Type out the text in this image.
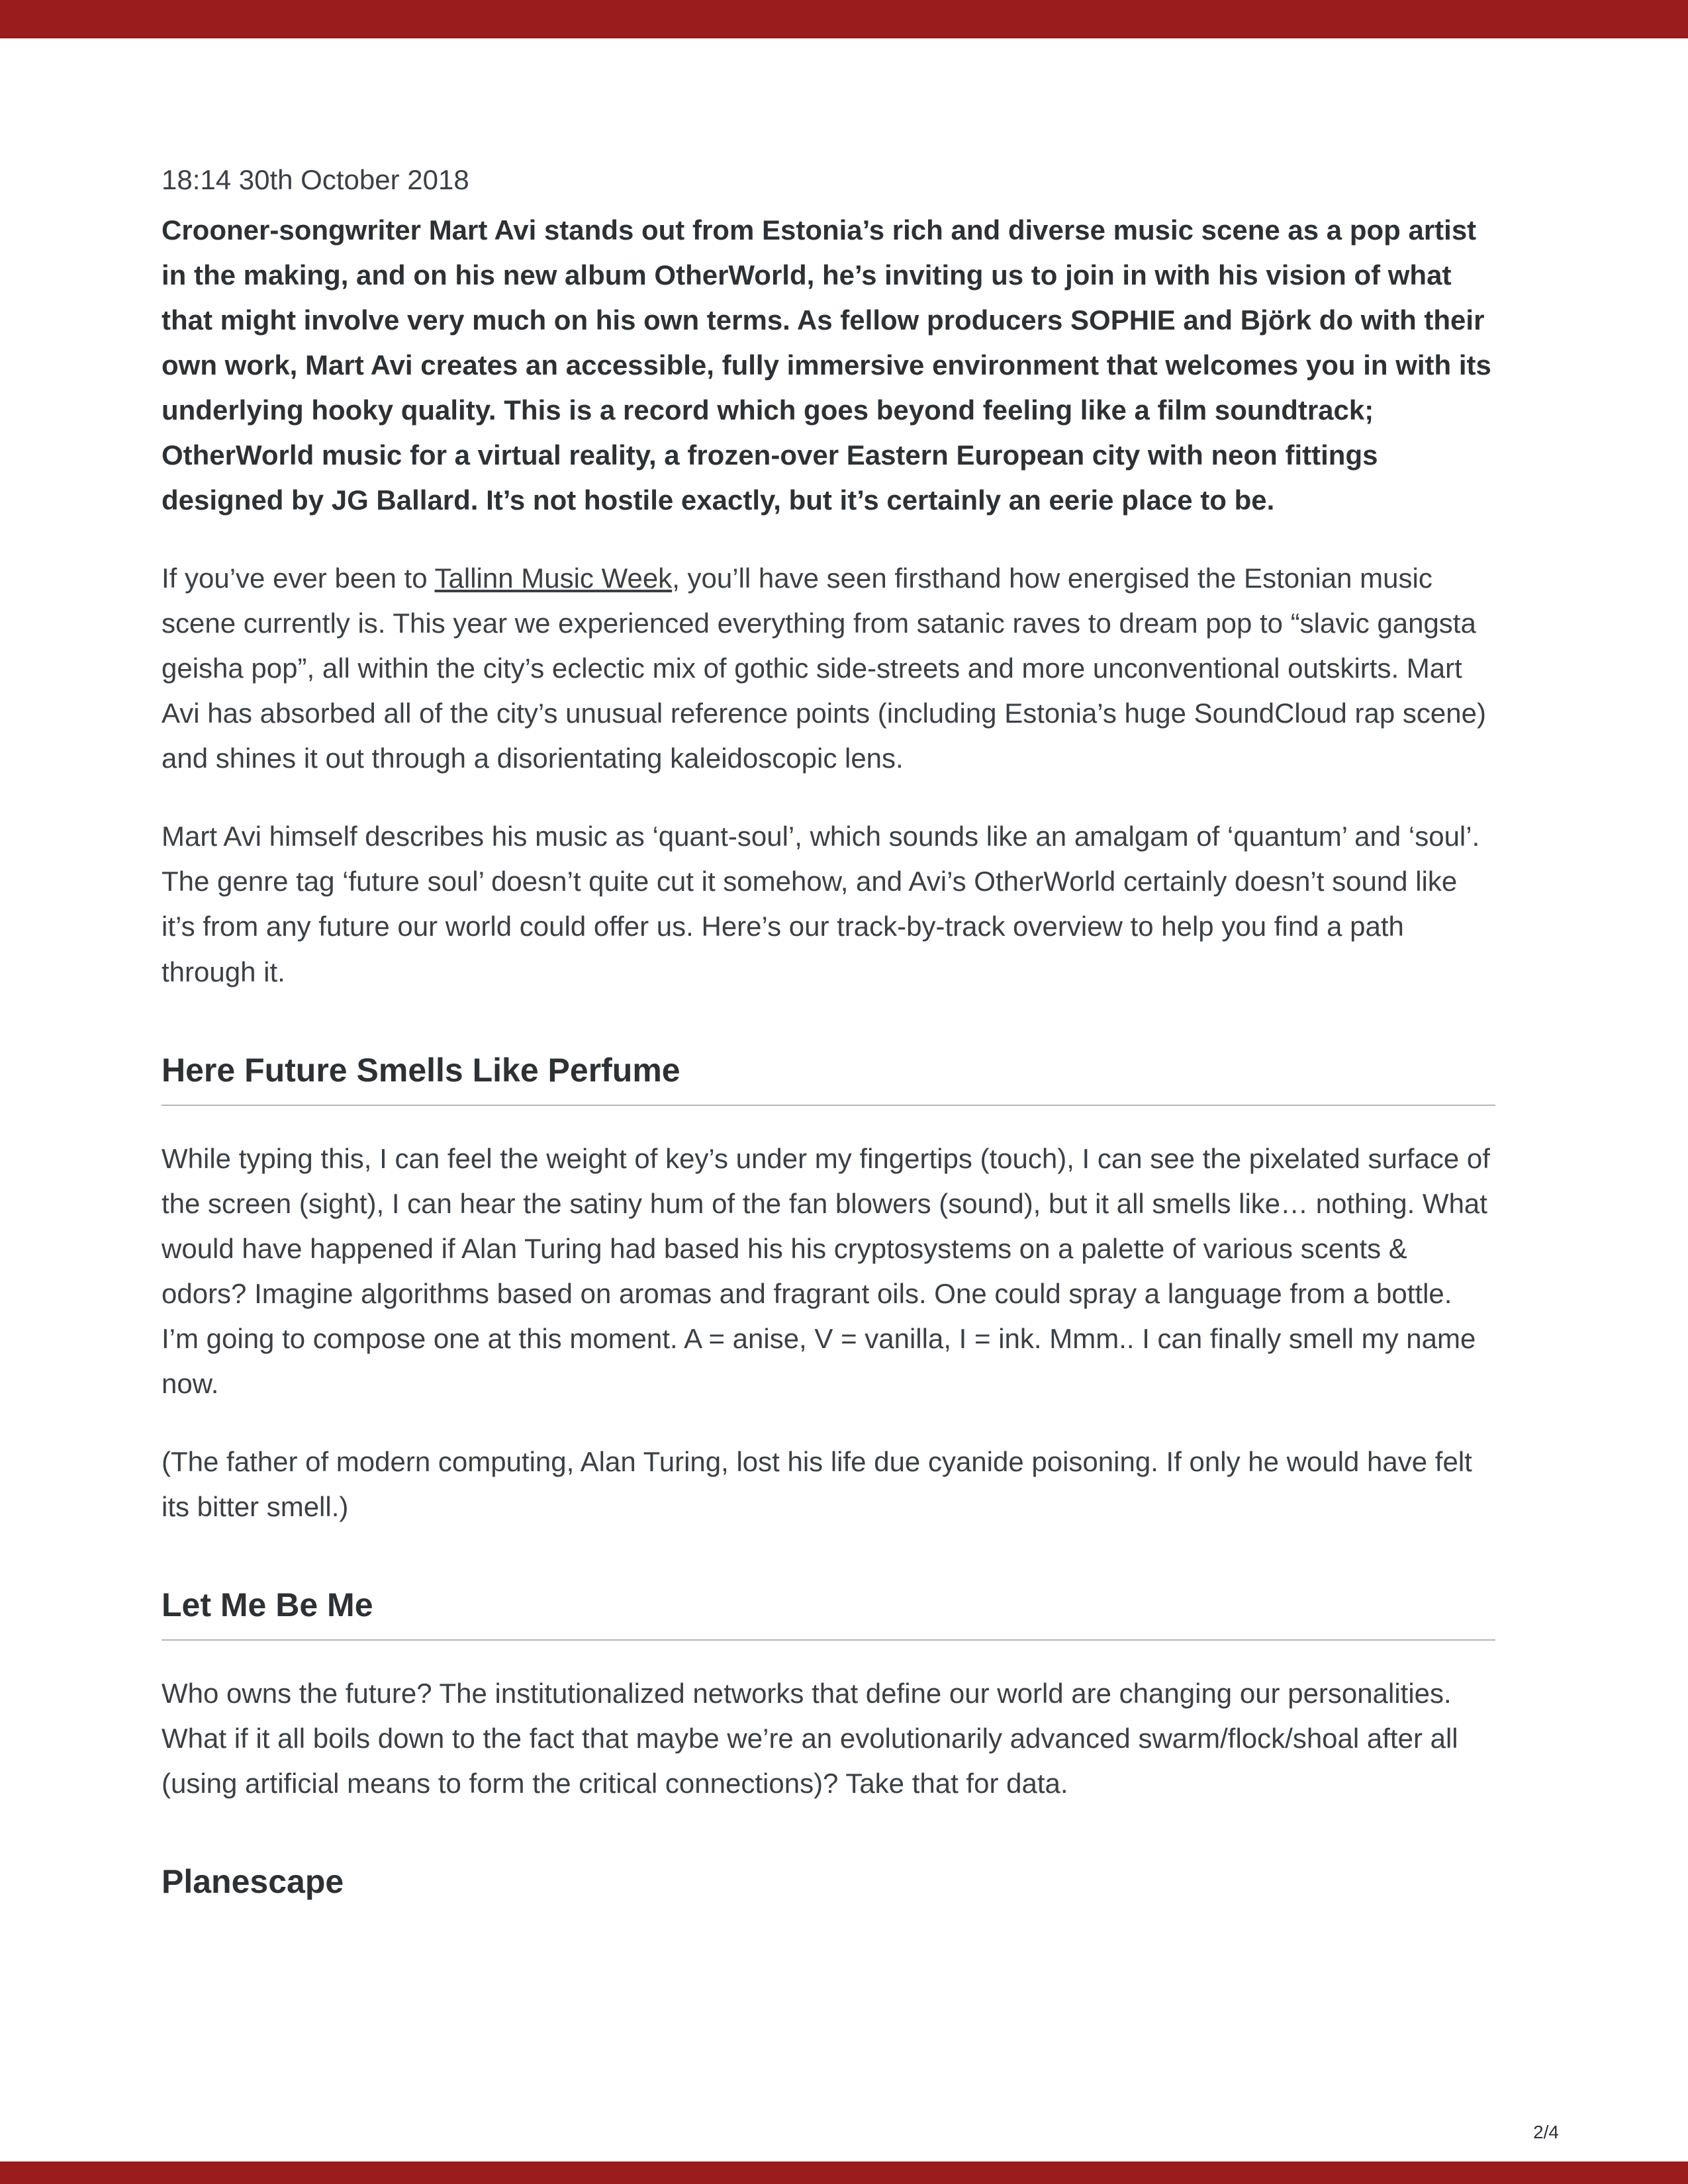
18:14 30th October 2018

Crooner-songwriter Mart Avi stands out from Estonia’s rich and diverse music scene as a pop artist in the making, and on his new album OtherWorld, he’s inviting us to join in with his vision of what that might involve very much on his own terms. As fellow producers SOPHIE and Björk do with their own work, Mart Avi creates an accessible, fully immersive environment that welcomes you in with its underlying hooky quality. This is a record which goes beyond feeling like a film soundtrack; OtherWorld music for a virtual reality, a frozen-over Eastern European city with neon fittings designed by JG Ballard. It’s not hostile exactly, but it’s certainly an eerie place to be.

If you’ve ever been to Tallinn Music Week, you’ll have seen firsthand how energised the Estonian music scene currently is. This year we experienced everything from satanic raves to dream pop to “slavic gangsta geisha pop”, all within the city’s eclectic mix of gothic side-streets and more unconventional outskirts. Mart Avi has absorbed all of the city’s unusual reference points (including Estonia’s huge SoundCloud rap scene) and shines it out through a disorientating kaleidoscopic lens.

Mart Avi himself describes his music as ‘quant-soul’, which sounds like an amalgam of ‘quantum’ and ‘soul’. The genre tag ‘future soul’ doesn’t quite cut it somehow, and Avi’s OtherWorld certainly doesn’t sound like it’s from any future our world could offer us. Here’s our track-by-track overview to help you find a path through it.

Here Future Smells Like Perfume

While typing this, I can feel the weight of key’s under my fingertips (touch), I can see the pixelated surface of the screen (sight), I can hear the satiny hum of the fan blowers (sound), but it all smells like… nothing. What would have happened if Alan Turing had based his his cryptosystems on a palette of various scents & odors? Imagine algorithms based on aromas and fragrant oils. One could spray a language from a bottle. I’m going to compose one at this moment. A = anise, V = vanilla, I = ink. Mmm.. I can finally smell my name now.

(The father of modern computing, Alan Turing, lost his life due cyanide poisoning. If only he would have felt its bitter smell.)

Let Me Be Me

Who owns the future? The institutionalized networks that define our world are changing our personalities. What if it all boils down to the fact that maybe we’re an evolutionarily advanced swarm/flock/shoal after all (using artificial means to form the critical connections)? Take that for data.

Planescape
2/4
